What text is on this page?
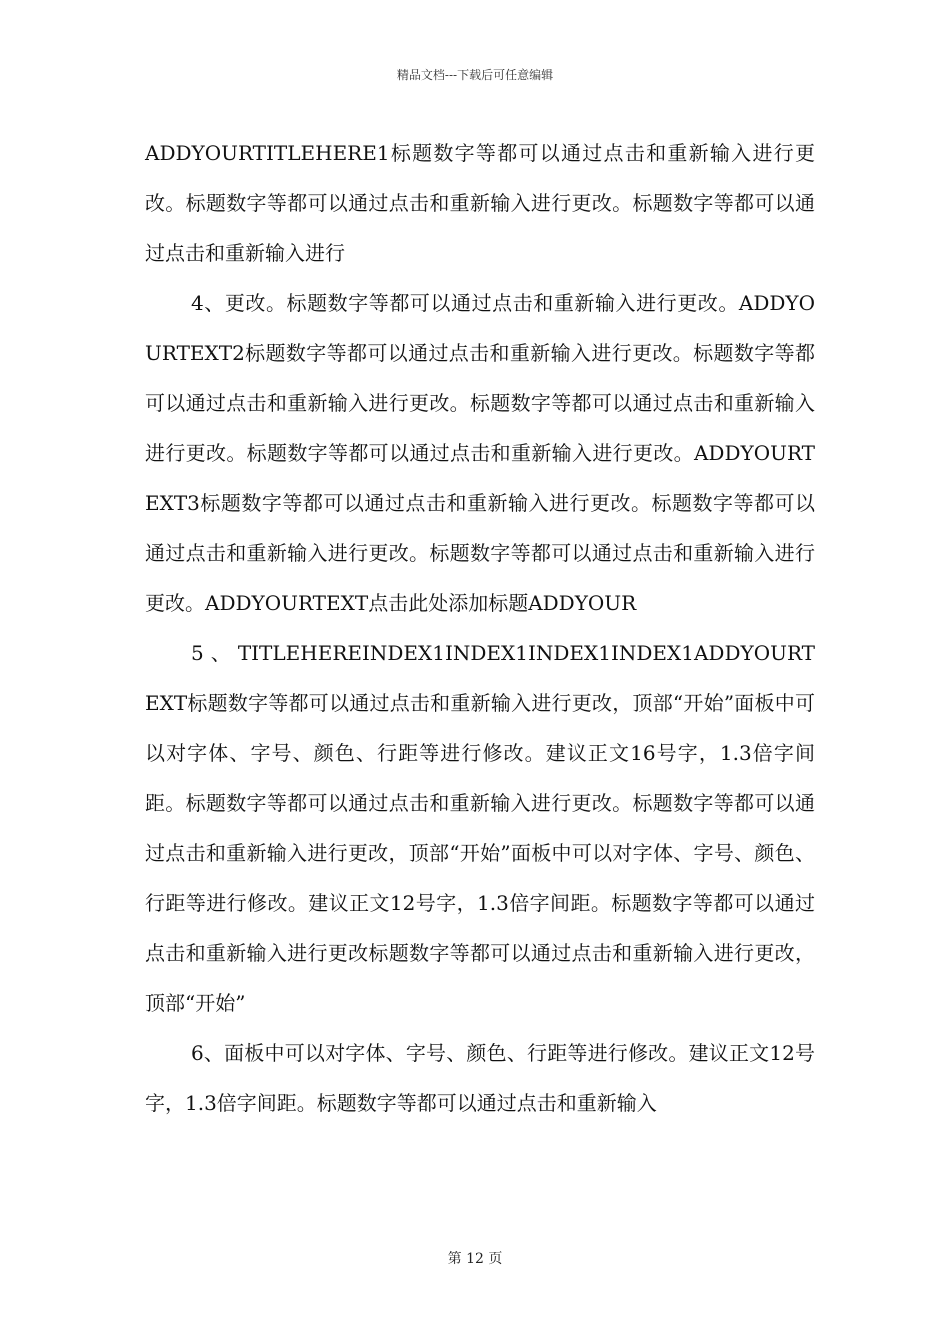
精品文档---下载后可任意编辑

ADDYOURTITLEHERE1标题数字等都可以通过点击和重新输入进行更改。标题数字等都可以通过点击和重新输入进行更改。标题数字等都可以通过点击和重新输入进行

4、更改。标题数字等都可以通过点击和重新输入进行更改。ADDYOURTEXT2标题数字等都可以通过点击和重新输入进行更改。标题数字等都可以通过点击和重新输入进行更改。标题数字等都可以通过点击和重新输入进行更改。标题数字等都可以通过点击和重新输入进行更改。ADDYOURTEXT3标题数字等都可以通过点击和重新输入进行更改。标题数字等都可以通过点击和重新输入进行更改。标题数字等都可以通过点击和重新输入进行更改。ADDYOURTEXT点击此处添加标题ADDYOUR

5、TITLEHEREINDEX1INDEX1INDEX1INDEX1ADDYOURTEXT标题数字等都可以通过点击和重新输入进行更改，顶部“开始”面板中可以对字体、字号、颜色、行距等进行修改。建议正文16号字，1.3倍字间距。标题数字等都可以通过点击和重新输入进行更改。标题数字等都可以通过点击和重新输入进行更改，顶部“开始”面板中可以对字体、字号、颜色、行距等进行修改。建议正文12号字，1.3倍字间距。标题数字等都可以通过点击和重新输入进行更改标题数字等都可以通过点击和重新输入进行更改，顶部“开始”

6、面板中可以对字体、字号、颜色、行距等进行修改。建议正文12号字，1.3倍字间距。标题数字等都可以通过点击和重新输入

第 12 页
